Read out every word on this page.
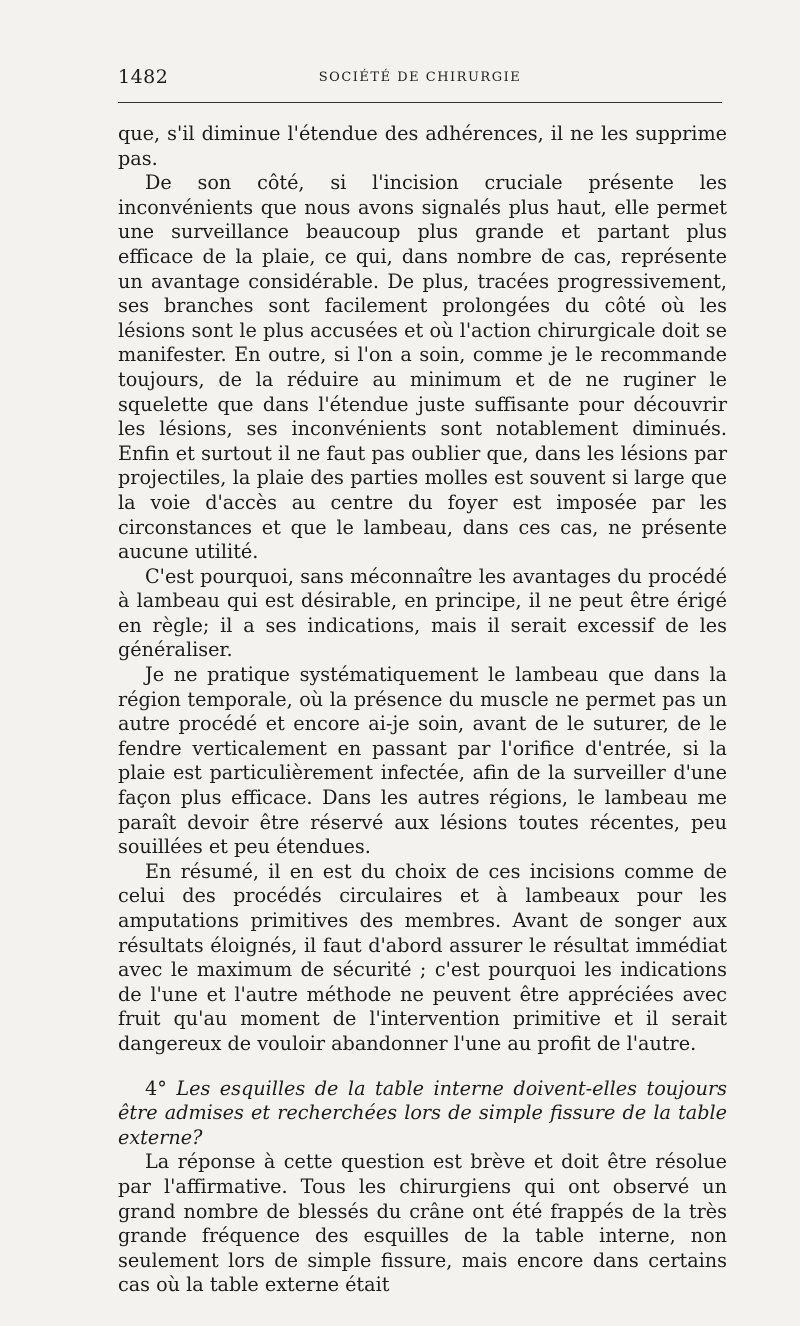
1482	SOCIÉTÉ DE CHIRURGIE

que, s'il diminue l'étendue des adhérences, il ne les supprime pas.

De son côté, si l'incision cruciale présente les inconvénients que nous avons signalés plus haut, elle permet une surveillance beaucoup plus grande et partant plus efficace de la plaie, ce qui, dans nombre de cas, représente un avantage considérable. De plus, tracées progressivement, ses branches sont facilement prolongées du côté où les lésions sont le plus accusées et où l'action chirurgicale doit se manifester. En outre, si l'on a soin, comme je le recommande toujours, de la réduire au minimum et de ne ruginer le squelette que dans l'étendue juste suffisante pour découvrir les lésions, ses inconvénients sont notablement diminués. Enfin et surtout il ne faut pas oublier que, dans les lésions par projectiles, la plaie des parties molles est souvent si large que la voie d'accès au centre du foyer est imposée par les circonstances et que le lambeau, dans ces cas, ne présente aucune utilité.

C'est pourquoi, sans méconnaître les avantages du procédé à lambeau qui est désirable, en principe, il ne peut être érigé en règle; il a ses indications, mais il serait excessif de les généraliser.

Je ne pratique systématiquement le lambeau que dans la région temporale, où la présence du muscle ne permet pas un autre procédé et encore ai-je soin, avant de le suturer, de le fendre verticalement en passant par l'orifice d'entrée, si la plaie est particulièrement infectée, afin de la surveiller d'une façon plus efficace. Dans les autres régions, le lambeau me paraît devoir être réservé aux lésions toutes récentes, peu souillées et peu étendues.

En résumé, il en est du choix de ces incisions comme de celui des procédés circulaires et à lambeaux pour les amputations primitives des membres. Avant de songer aux résultats éloignés, il faut d'abord assurer le résultat immédiat avec le maximum de sécurité ; c'est pourquoi les indications de l'une et l'autre méthode ne peuvent être appréciées avec fruit qu'au moment de l'intervention primitive et il serait dangereux de vouloir abandonner l'une au profit de l'autre.

4° Les esquilles de la table interne doivent-elles toujours être admises et recherchées lors de simple fissure de la table externe?

La réponse à cette question est brève et doit être résolue par l'affirmative. Tous les chirurgiens qui ont observé un grand nombre de blessés du crâne ont été frappés de la très grande fréquence des esquilles de la table interne, non seulement lors de simple fissure, mais encore dans certains cas où la table externe était
